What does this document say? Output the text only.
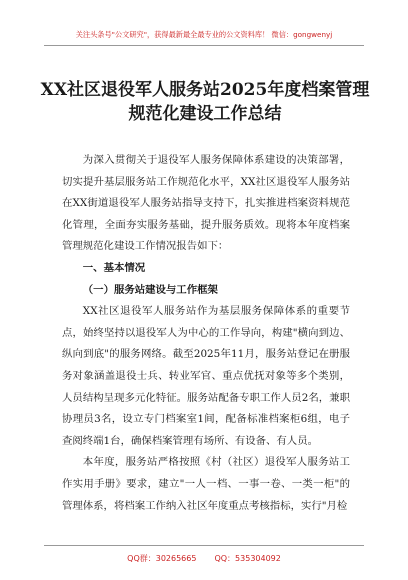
关注头条号"公文研究"，获得最新最全最专业的公文资料库！ 微信：gongwenyj
XX社区退役军人服务站2025年度档案管理规范化建设工作总结

为深入贯彻关于退役军人服务保障体系建设的决策部署，切实提升基层服务站工作规范化水平，XX社区退役军人服务站在XX街道退役军人服务站指导支持下，扎实推进档案资料规范化管理，全面夯实服务基础，提升服务质效。现将本年度档案管理规范化建设工作情况报告如下：

一、基本情况

（一）服务站建设与工作框架

XX社区退役军人服务站作为基层服务保障体系的重要节点，始终坚持以退役军人为中心的工作导向，构建"横向到边、纵向到底"的服务网络。截至2025年11月，服务站登记在册服务对象涵盖退役士兵、转业军官、重点优抚对象等多个类别，人员结构呈现多元化特征。服务站配备专职工作人员2名，兼职协理员3名，设立专门档案室1间，配备标准档案柜6组，电子查阅终端1台，确保档案管理有场所、有设备、有人员。

本年度，服务站严格按照《村（社区）退役军人服务站工作实用手册》要求，建立"一人一档、一事一卷、一类一柜"的管理体系，将档案工作纳入社区年度重点考核指标，实行"月检

QQ群：30265665 QQ：535304092
